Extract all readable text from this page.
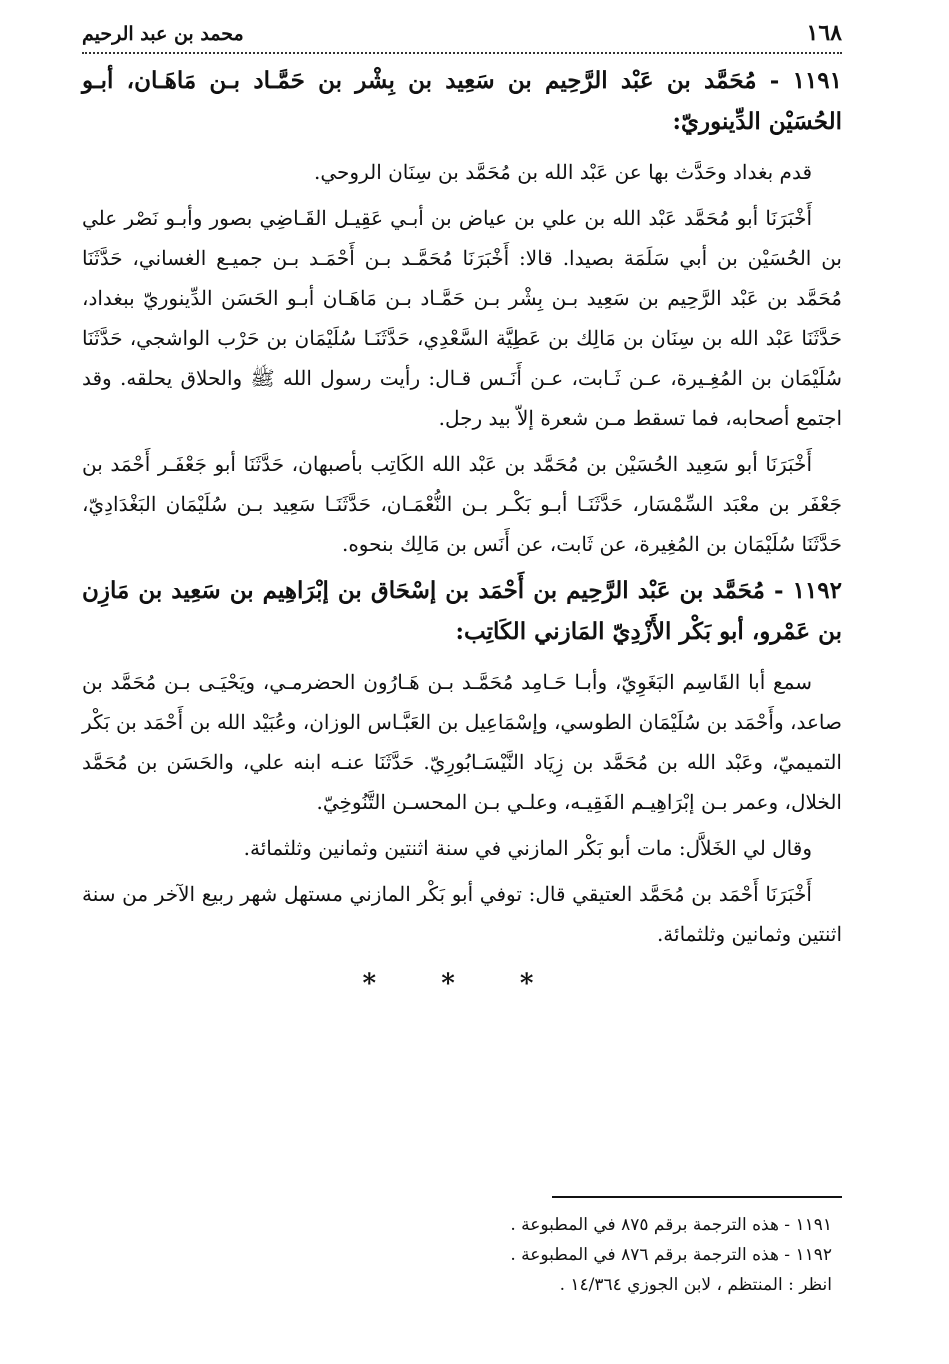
١٦٨
محمد بن عبد الرحيم
١١٩١ - مُحَمَّد بن عَبْد الرَّحِيم بن سَعِيد بن بِشْر بن حَمَّـاد بـن مَاهَـان، أبـو الحُسَيْن الدِّينوريّ:

قدم بغداد وحَدَّث بها عن عَبْد الله بن مُحَمَّد بن سِنَان الروحي.

أَخْبَرَنَا أبو مُحَمَّد عَبْد الله بن علي بن عياض بن أبـي عَقِيـل القَـاضِي بصور وأبـو نَصْر علي بن الحُسَيْن بن أبي سَلَمَة بصيدا. قالا: أَخْبَرَنَا مُحَمَّـد بـن أَحْمَـد بـن جميـع الغساني، حَدَّثَنَا مُحَمَّد بن عَبْد الرَّحِيم بن سَعِيد بـن بِشْر بـن حَمَّـاد بـن مَاهَـان أبـو الحَسَن الدِّينوريّ ببغداد، حَدَّثَنَا عَبْد الله بن سِنَان بن مَالِك بن عَطِيَّة السَّعْدِي، حَدَّثَنَـا سُلَيْمَان بن حَرْب الواشجي، حَدَّثَنَا سُلَيْمَان بن المُغِـيرة، عـن ثَـابت، عـن أَنَـس قـال: رأيت رسول الله ﷺ والحلاق يحلقه. وقد اجتمع أصحابه، فما تسقط مـن شعرة إلاّ بيد رجل.

أَخْبَرَنَا أبو سَعِيد الحُسَيْن بن مُحَمَّد بن عَبْد الله الكَاتِب بأصبهان، حَدَّثَنَا أبو جَعْفَـر أَحْمَد بن جَعْفَر بن معْبَد السِّمْسَار، حَدَّثَنَـا أبـو بَكْـر بـن النُّعْمَـان، حَدَّثَنَـا سَعِيد بـن سُلَيْمَان البَغْدَادِيّ، حَدَّثَنَا سُلَيْمَان بن المُغِيرة، عن ثَابت، عن أَنَس بن مَالِك بنحوه.

١١٩٢ - مُحَمَّد بن عَبْد الرَّحِيم بن أَحْمَد بن إسْحَاق بن إبْرَاهِيم بن سَعِيد بن مَازِن بن عَمْرو، أبو بَكْر الأَزْدِيّ المَازني الكَاتِب:

سمع أبا القَاسِم البَغَوِيّ، وأبـا حَـامِد مُحَمَّـد بـن هَـارُون الحضرمـي، ويَحْيَـى بـن مُحَمَّد بن صاعد، وأَحْمَد بن سُلَيْمَان الطوسي، وإسْمَاعِيل بن العَبَّـاس الوزان، وعُبَيْد الله بن أَحْمَد بن بَكْر التميميّ، وعَبْد الله بن مُحَمَّد بن زِيَاد النَّيْسَـابُورِيّ. حَدَّثَنَا عنـه ابنه علي، والحَسَن بن مُحَمَّد الخلال، وعمر بـن إبْرَاهِيـم الفَقِيـه، وعلـي بـن المحسـن التَّنُوخِيّ.

وقال لي الخَلاَّل: مات أبو بَكْر المازني في سنة اثنتين وثمانين وثلثمائة.

أَخْبَرَنَا أَحْمَد بن مُحَمَّد العتيقي قال: توفي أبو بَكْر المازني مستهل شهر ربيع الآخر من سنة اثنتين وثمانين وثلثمائة.

* * *
١١٩١ - هذه الترجمة برقم ٨٧٥ في المطبوعة .
١١٩٢ - هذه الترجمة برقم ٨٧٦ في المطبوعة .
انظر : المنتظم ، لابن الجوزي ١٤/٣٦٤ .
